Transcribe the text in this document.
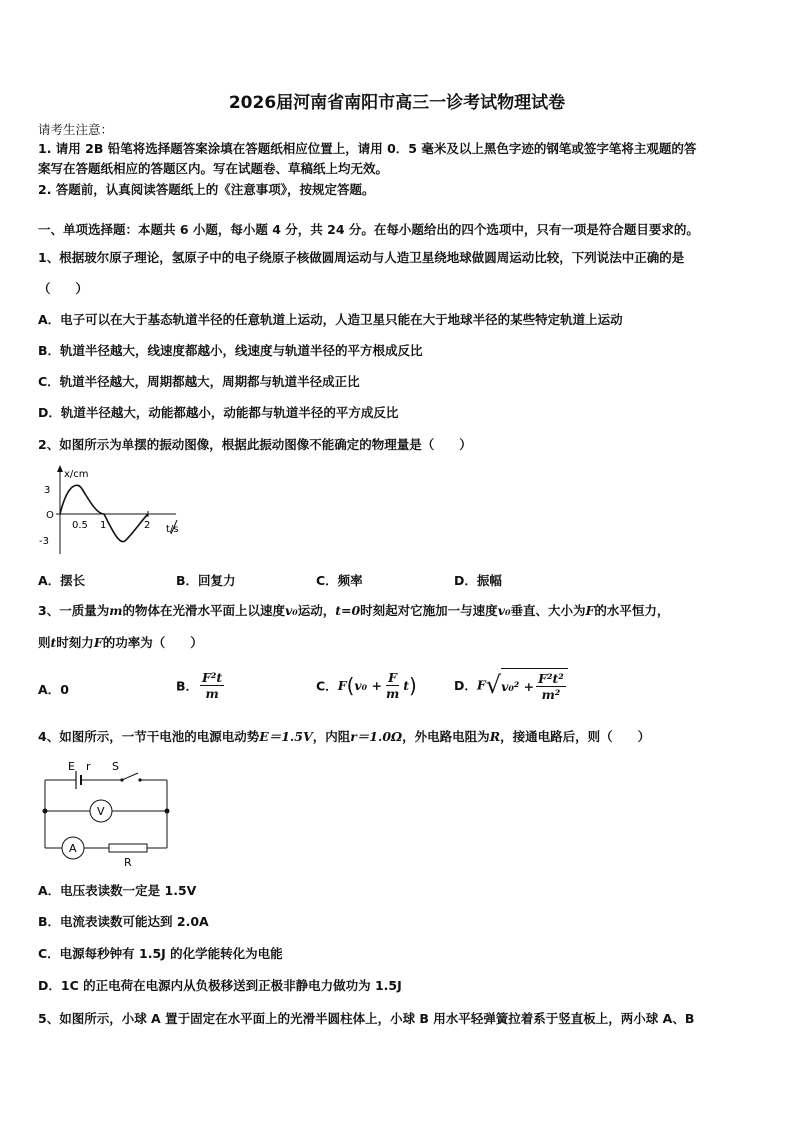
2026届河南省南阳市高三一诊考试物理试卷
请考生注意：
1. 请用 2B 铅笔将选择题答案涂填在答题纸相应位置上，请用 0．5 毫米及以上黑色字迹的钢笔或签字笔将主观题的答
案写在答题纸相应的答题区内。写在试题卷、草稿纸上均无效。
2. 答题前，认真阅读答题纸上的《注意事项》，按规定答题。
一、单项选择题：本题共 6 小题，每小题 4 分，共 24 分。在每小题给出的四个选项中，只有一项是符合题目要求的。
1、根据玻尔原子理论，氢原子中的电子绕原子核做圆周运动与人造卫星绕地球做圆周运动比较，下列说法中正确的是
（　　）
A．电子可以在大于基态轨道半径的任意轨道上运动，人造卫星只能在大于地球半径的某些特定轨道上运动
B．轨道半径越大，线速度都越小，线速度与轨道半径的平方根成反比
C．轨道半径越大，周期都越大，周期都与轨道半径成正比
D．轨道半径越大，动能都越小，动能都与轨道半径的平方成反比
2、如图所示为单摆的振动图像，根据此振动图像不能确定的物理量是（　　）
x/cm
3
O
-3
0.5 1	2 t/s
A．摆长	B．回复力	C．频率	D．振幅
3、一质量为m的物体在光滑水平面上以速度v₀运动，t=0时刻起对它施加一与速度v₀垂直、大小为F的水平恒力，
则t时刻力F的功率为（　　）
A．0	B． $\frac{\text{F²t}}{m}$	C．$F(v_0 + \frac{F}{m} t)$	D．$F√v_0^2 + \frac{\text{F²t²}}{\text{m²}}$
4、如图所示，一节干电池的电源电动势E＝1.5V，内阻r＝1.0Ω，外电路电阻为R，接通电路后，则（　　）
E r S
V
A
R
A．电压表读数一定是 1.5V
B．电流表读数可能达到 2.0A
C．电源每秒钟有 1.5J 的化学能转化为电能
D．1C 的正电荷在电源内从负极移送到正极非静电力做功为 1.5J
5、如图所示，小球 A 置于固定在水平面上的光滑半圆柱体上，小球 B 用水平轻弹簧拉着系于竖直板上，两小球 A、B
